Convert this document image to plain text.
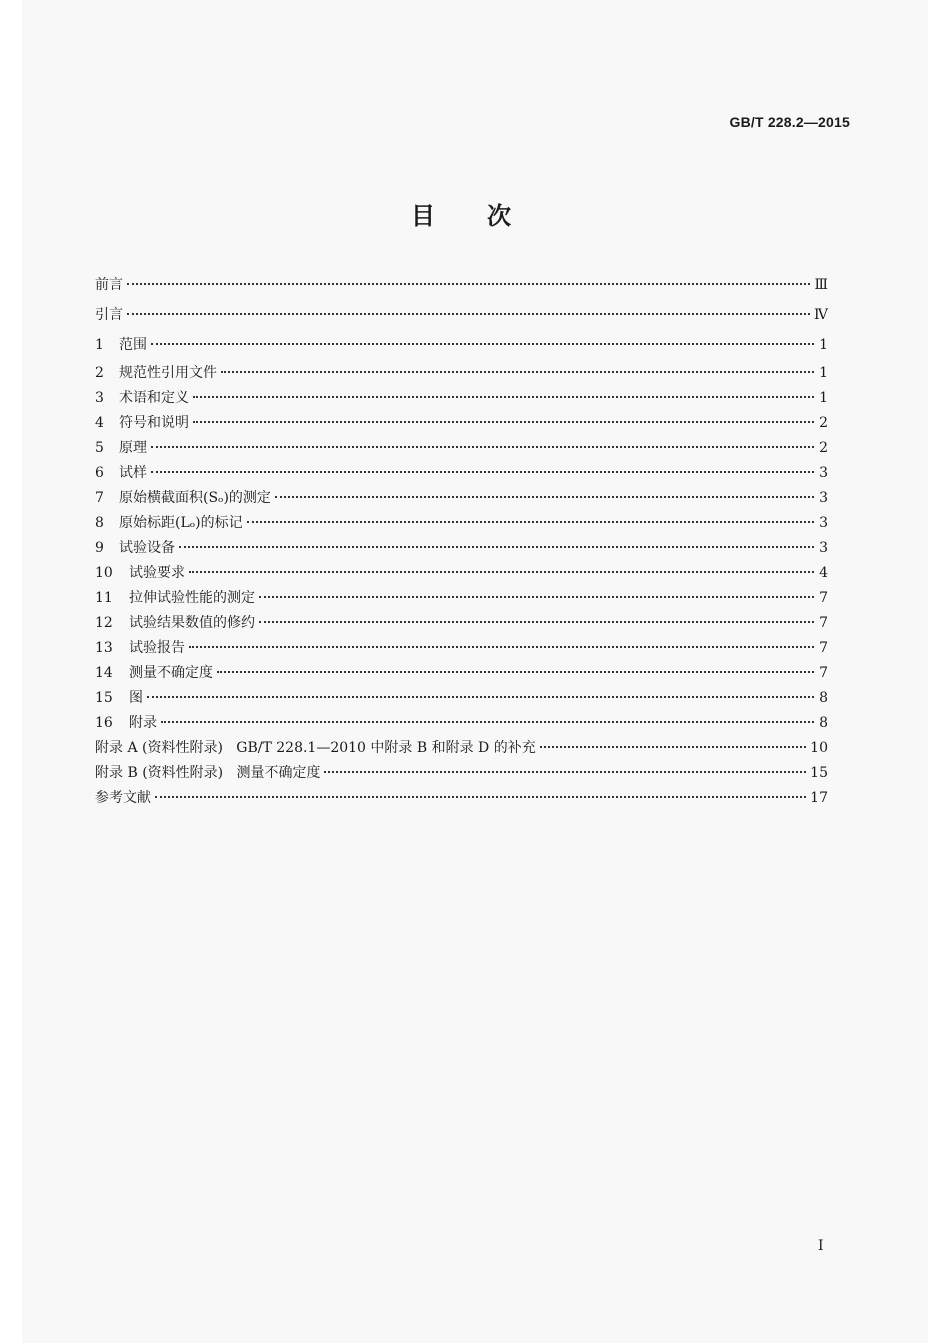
GB/T 228.2—2015
目次
前言	Ⅲ
引言	Ⅳ
1	范围	1
2	规范性引用文件	1
3	术语和定义	1
4	符号和说明	2
5	原理	2
6	试样	3
7	原始横截面积(Sₒ)的测定	3
8	原始标距(Lₒ)的标记	3
9	试验设备	3
10	试验要求	4
11	拉伸试验性能的测定	7
12	试验结果数值的修约	7
13	试验报告	7
14	测量不确定度	7
15	图	8
16	附录	8
附录 A (资料性附录)   GB/T 228.1—2010 中附录 B 和附录 D 的补充	10
附录 B (资料性附录)   测量不确定度	15
参考文献	17
I
